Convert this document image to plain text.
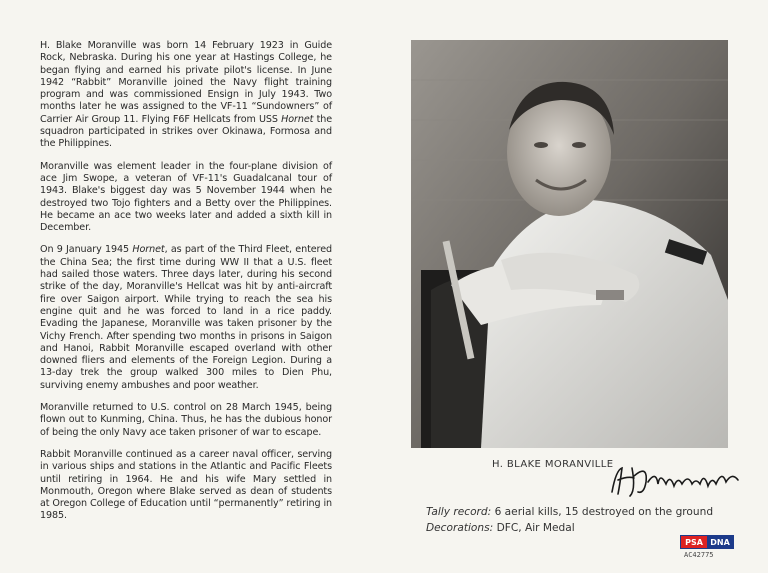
H. Blake Moranville was born 14 February 1923 in Guide Rock, Nebraska. During his one year at Hastings College, he began flying and earned his private pilot's license. In June 1942 “Rabbit” Moranville joined the Navy flight training program and was commissioned Ensign in July 1943. Two months later he was assigned to the VF-11 “Sundowners” of Carrier Air Group 11. Flying F6F Hellcats from USS Hornet the squadron participated in strikes over Okinawa, Formosa and the Philippines.

Moranville was element leader in the four-plane division of ace Jim Swope, a veteran of VF-11's Guadalcanal tour of 1943. Blake's biggest day was 5 November 1944 when he destroyed two Tojo fighters and a Betty over the Philippines. He became an ace two weeks later and added a sixth kill in December.

On 9 January 1945 Hornet, as part of the Third Fleet, entered the China Sea; the first time during WW II that a U.S. fleet had sailed those waters. Three days later, during his second strike of the day, Moranville's Hellcat was hit by anti-aircraft fire over Saigon airport. While trying to reach the sea his engine quit and he was forced to land in a rice paddy. Evading the Japanese, Moranville was taken prisoner by the Vichy French. After spending two months in prisons in Saigon and Hanoi, Rabbit Moranville escaped overland with other downed fliers and elements of the Foreign Legion. During a 13-day trek the group walked 300 miles to Dien Phu, surviving enemy ambushes and poor weather.

Moranville returned to U.S. control on 28 March 1945, being flown out to Kunming, China. Thus, he has the dubious honor of being the only Navy ace taken prisoner of war to escape.

Rabbit Moranville continued as a career naval officer, serving in various ships and stations in the Atlantic and Pacific Fleets until retiring in 1964. He and his wife Mary settled in Monmouth, Oregon where Blake served as dean of students at Oregon College of Education until “permanently” retiring in 1985.

H. BLAKE MORANVILLE
Tally record: 6 aerial kills, 15 destroyed on the ground
Decorations: DFC, Air Medal
PSA DNA
AC42775
